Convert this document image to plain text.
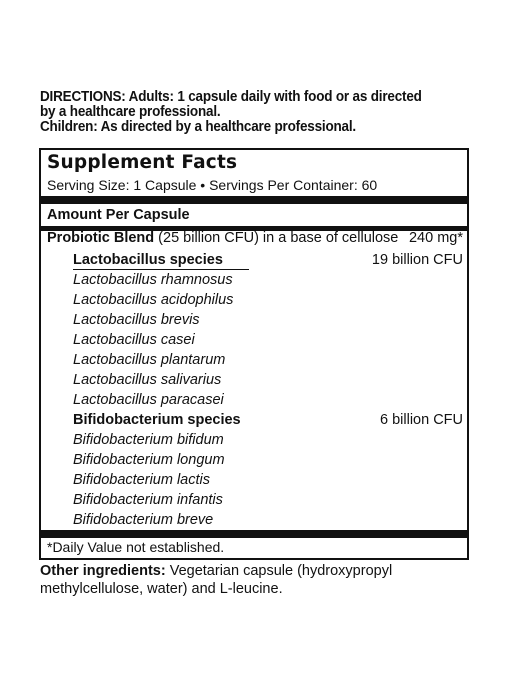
DIRECTIONS: Adults: 1 capsule daily with food or as directed
by a healthcare professional.
Children: As directed by a healthcare professional.
Supplement Facts
Serving Size: 1 Capsule • Servings Per Container: 60
Amount Per Capsule
Probiotic Blend (25 billion CFU) in a base of cellulose 240 mg*
Lactobacillus species	19 billion CFU
Lactobacillus rhamnosus
Lactobacillus acidophilus
Lactobacillus brevis
Lactobacillus casei
Lactobacillus plantarum
Lactobacillus salivarius
Lactobacillus paracasei
Bifidobacterium species	6 billion CFU
Bifidobacterium bifidum
Bifidobacterium longum
Bifidobacterium lactis
Bifidobacterium infantis
Bifidobacterium breve
*Daily Value not established.
Other ingredients: Vegetarian capsule (hydroxypropyl methylcellulose, water) and L-leucine.
